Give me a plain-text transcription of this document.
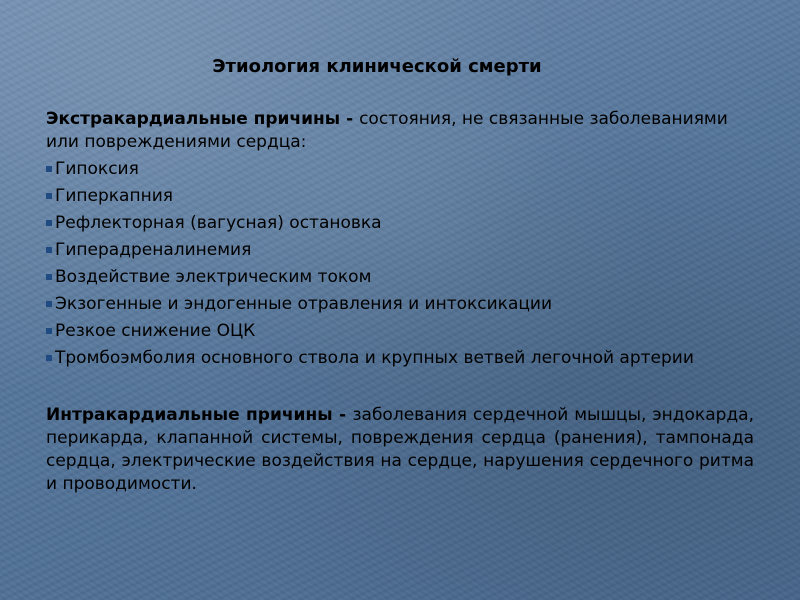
Этиология клинической смерти

Экстракардиальные причины - состояния, не связанные заболеваниями или повреждениями сердца:

Гипоксия
Гиперкапния
Рефлекторная (вагусная) остановка
Гиперадреналинемия
Воздействие электрическим током
Экзогенные и эндогенные отравления и интоксикации
Резкое снижение ОЦК
Тромбоэмболия основного ствола и крупных ветвей легочной артерии

Интракардиальные причины - заболевания сердечной мышцы, эндокарда, перикарда, клапанной системы, повреждения сердца (ранения), тампонада сердца, электрические воздействия на сердце, нарушения сердечного ритма и проводимости.
